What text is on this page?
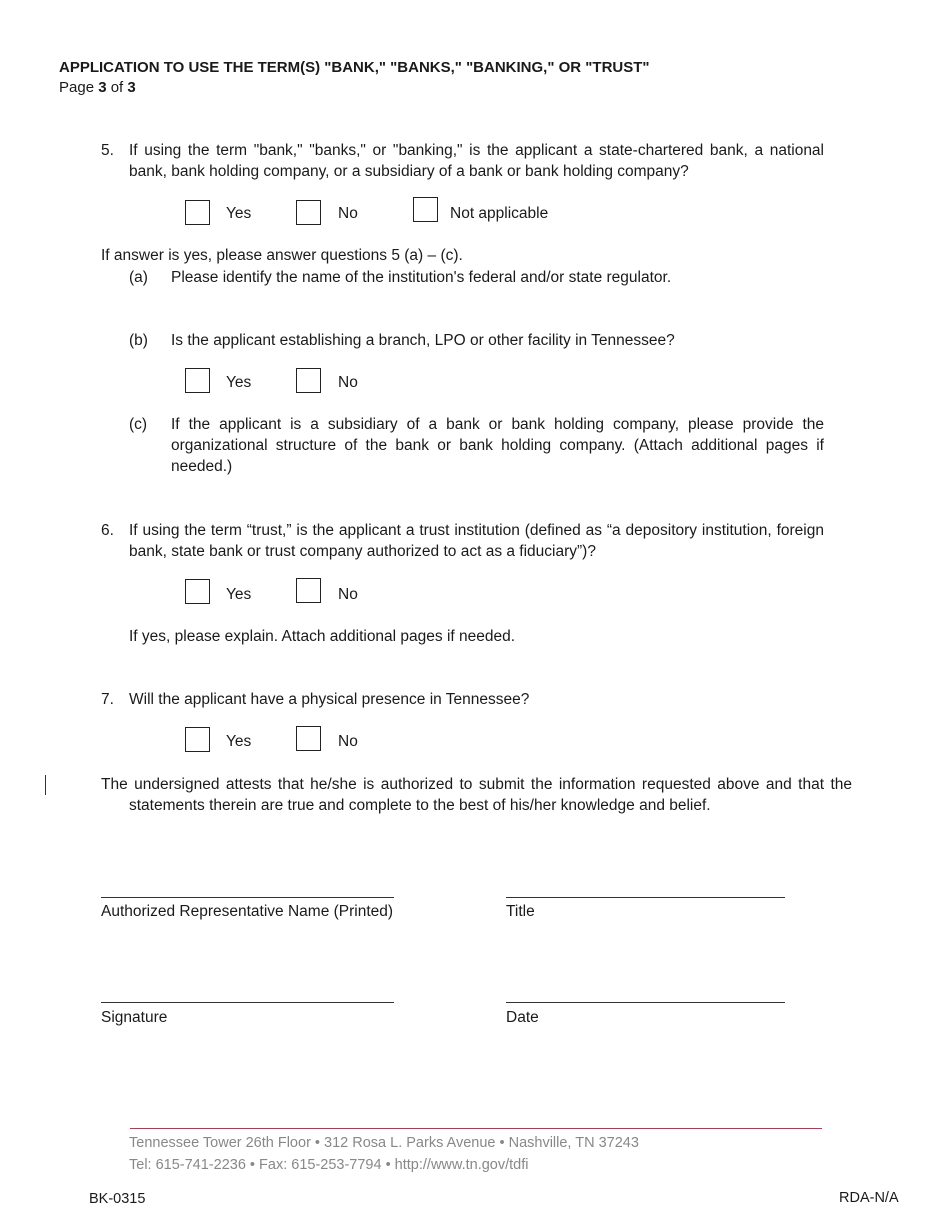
APPLICATION TO USE THE TERM(S) "BANK," "BANKS," "BANKING," OR "TRUST"
Page 3 of 3
5. If using the term "bank," "banks," or "banking," is the applicant a state-chartered bank, a national bank, bank holding company, or a subsidiary of a bank or bank holding company?
Yes	No	Not applicable
If answer is yes, please answer questions 5 (a) – (c).
(a) Please identify the name of the institution's federal and/or state regulator.
(b) Is the applicant establishing a branch, LPO or other facility in Tennessee?
Yes	No
(c) If the applicant is a subsidiary of a bank or bank holding company, please provide the organizational structure of the bank or bank holding company. (Attach additional pages if needed.)
6. If using the term “trust,” is the applicant a trust institution (defined as “a depository institution, foreign bank, state bank or trust company authorized to act as a fiduciary”)?
Yes	No
If yes, please explain. Attach additional pages if needed.
7. Will the applicant have a physical presence in Tennessee?
Yes	No
The undersigned attests that he/she is authorized to submit the information requested above and that the statements therein are true and complete to the best of his/her knowledge and belief.
Authorized Representative Name (Printed)	Title
Signature	Date
Tennessee Tower 26th Floor • 312 Rosa L. Parks Avenue • Nashville, TN 37243
Tel: 615-741-2236 • Fax: 615-253-7794 • http://www.tn.gov/tdfi
BK-0315	RDA-N/A
